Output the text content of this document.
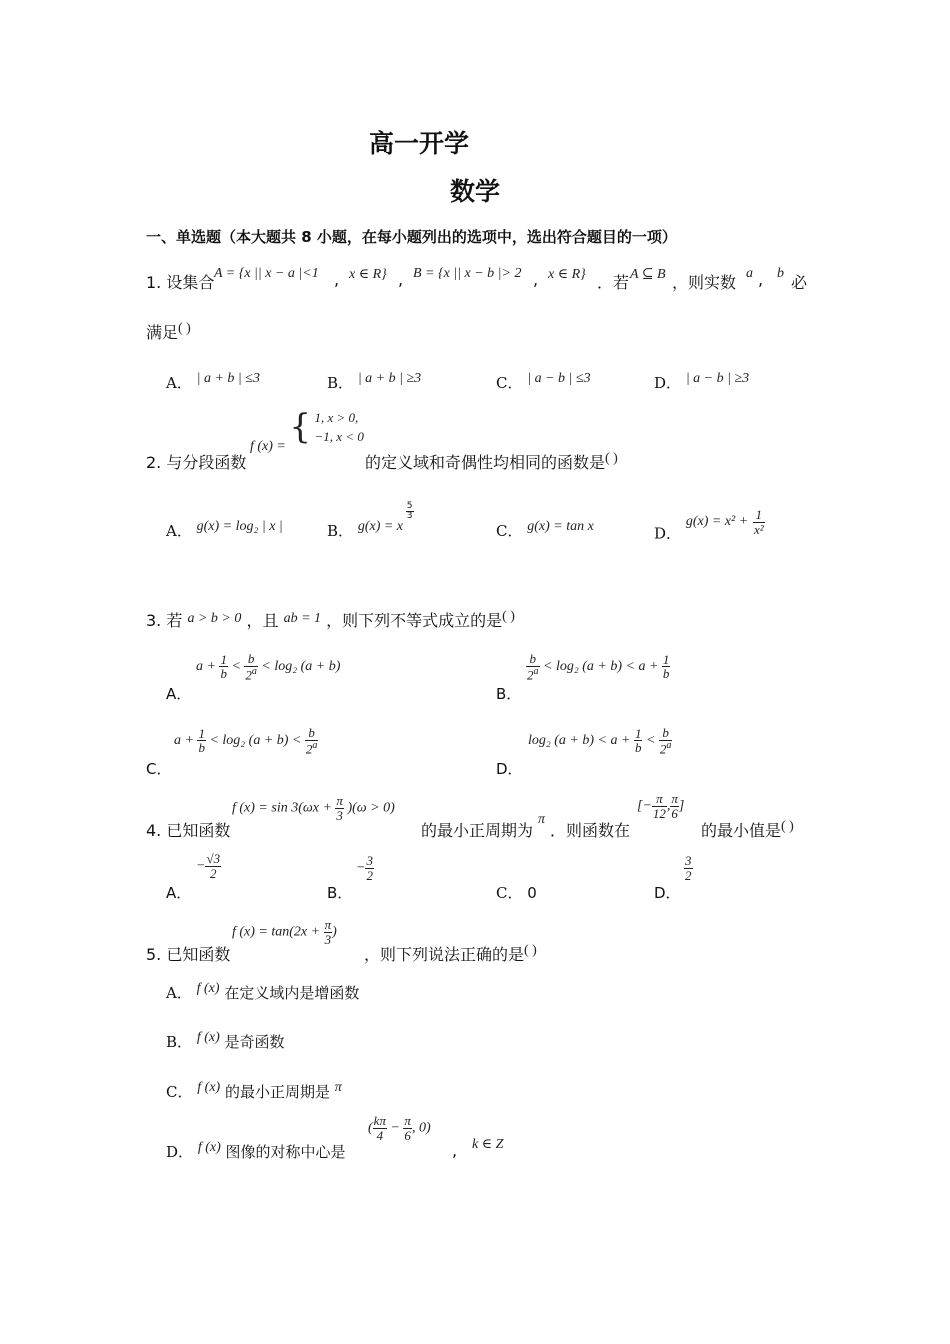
高一开学
数学
一、单选题（本大题共 8 小题，在每小题列出的选项中，选出符合题目的一项）
1. 设集合 A = {x || x − a |<1 , x ∈ R} , B = {x || x − b |> 2 , x ∈ R} ．若 A ⊆ B ，则实数 a , b 必
满足( )
A． | a + b | ≤3	B． | a + b | ≥3	C． | a − b | ≤3	D． | a − b | ≥3
2. 与分段函数
f (x) = { 1, x > 0,
−1, x < 0
的定义域和奇偶性均相同的函数是( )
A． g(x) = log₂ | x |	B． g(x) = x
$\frac{5}{3}$
C． g(x) = tan x	D． $g(x) = x^2 + \frac{1}{\text{x²}}$
3. 若 a > b > 0 ，且 ab = 1 ，则下列不等式成立的是( )
A．
$a + \frac{1}{b} < \frac{b}{2^a} < \log_2$ (a + b)
B．
$\frac{b}{2^a} < \log_2$ $(a + b) < a + \frac{1}{b}$
C．
$a + \frac{1}{b} < \log_2$ $(a + b) < \frac{b}{2^a}$
D．
log₂ $(a + b) < a + \frac{1}{b} < \frac{b}{2^a}$
4. 已知函数
f $(x) = \sin 3(\omega x + \frac{\pi}{3} )(\omega > 0)$
的最小正周期为
π
．则函数在
[− $\frac{\pi}{12}$ , $\frac{\pi}{6}$ ]
的最小值是( )
A．
− $\frac{√3}{2}$
B．
− $\frac{3}{2}$
C． 0	D．
$\frac{3}{2}$
5. 已知函数
f $(x) = \tan(2x + \frac{\pi}{3}$ )
，则下列说法正确的是( )
A． f (x) 在定义域内是增函数
B． f (x) 是奇函数
C． f (x) 的最小正周期是 π
D． f (x) 图像的对称中心是
( $\frac{k\pi}{4} - \frac{\pi}{6}$ , 0)
, k ∈ Z
